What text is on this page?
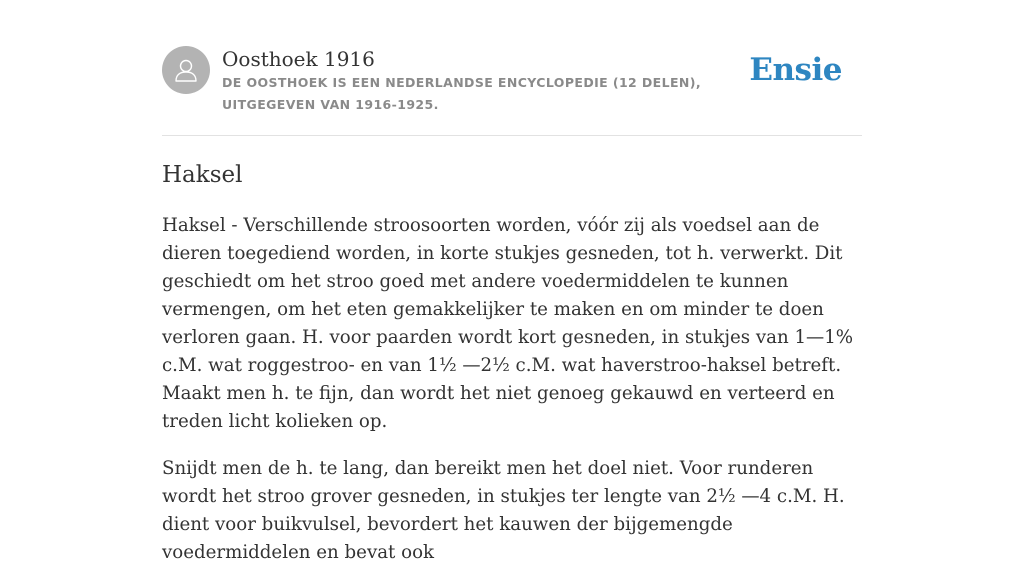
Oosthoek 1916
DE OOSTHOEK IS EEN NEDERLANDSE ENCYCLOPEDIE (12 DELEN), UITGEGEVEN VAN 1916-1925.
Ensie
Haksel

Haksel - Verschillende stroosoorten worden, vóór zij als voedsel aan de dieren toegediend worden, in korte stukjes gesneden, tot h. verwerkt. Dit geschiedt om het stroo goed met andere voedermiddelen te kunnen vermengen, om het eten gemakkelijker te maken en om minder te doen verloren gaan. H. voor paarden wordt kort gesneden, in stukjes van 1—1% c.M. wat roggestroo- en van 1½ —2½ c.M. wat haverstroo-haksel betreft. Maakt men h. te fijn, dan wordt het niet genoeg gekauwd en verteerd en treden licht kolieken op.

Snijdt men de h. te lang, dan bereikt men het doel niet. Voor runderen wordt het stroo grover gesneden, in stukjes ter lengte van 2½ —4 c.M. H. dient voor buikvulsel, bevordert het kauwen der bijgemengde voedermiddelen en bevat ook
